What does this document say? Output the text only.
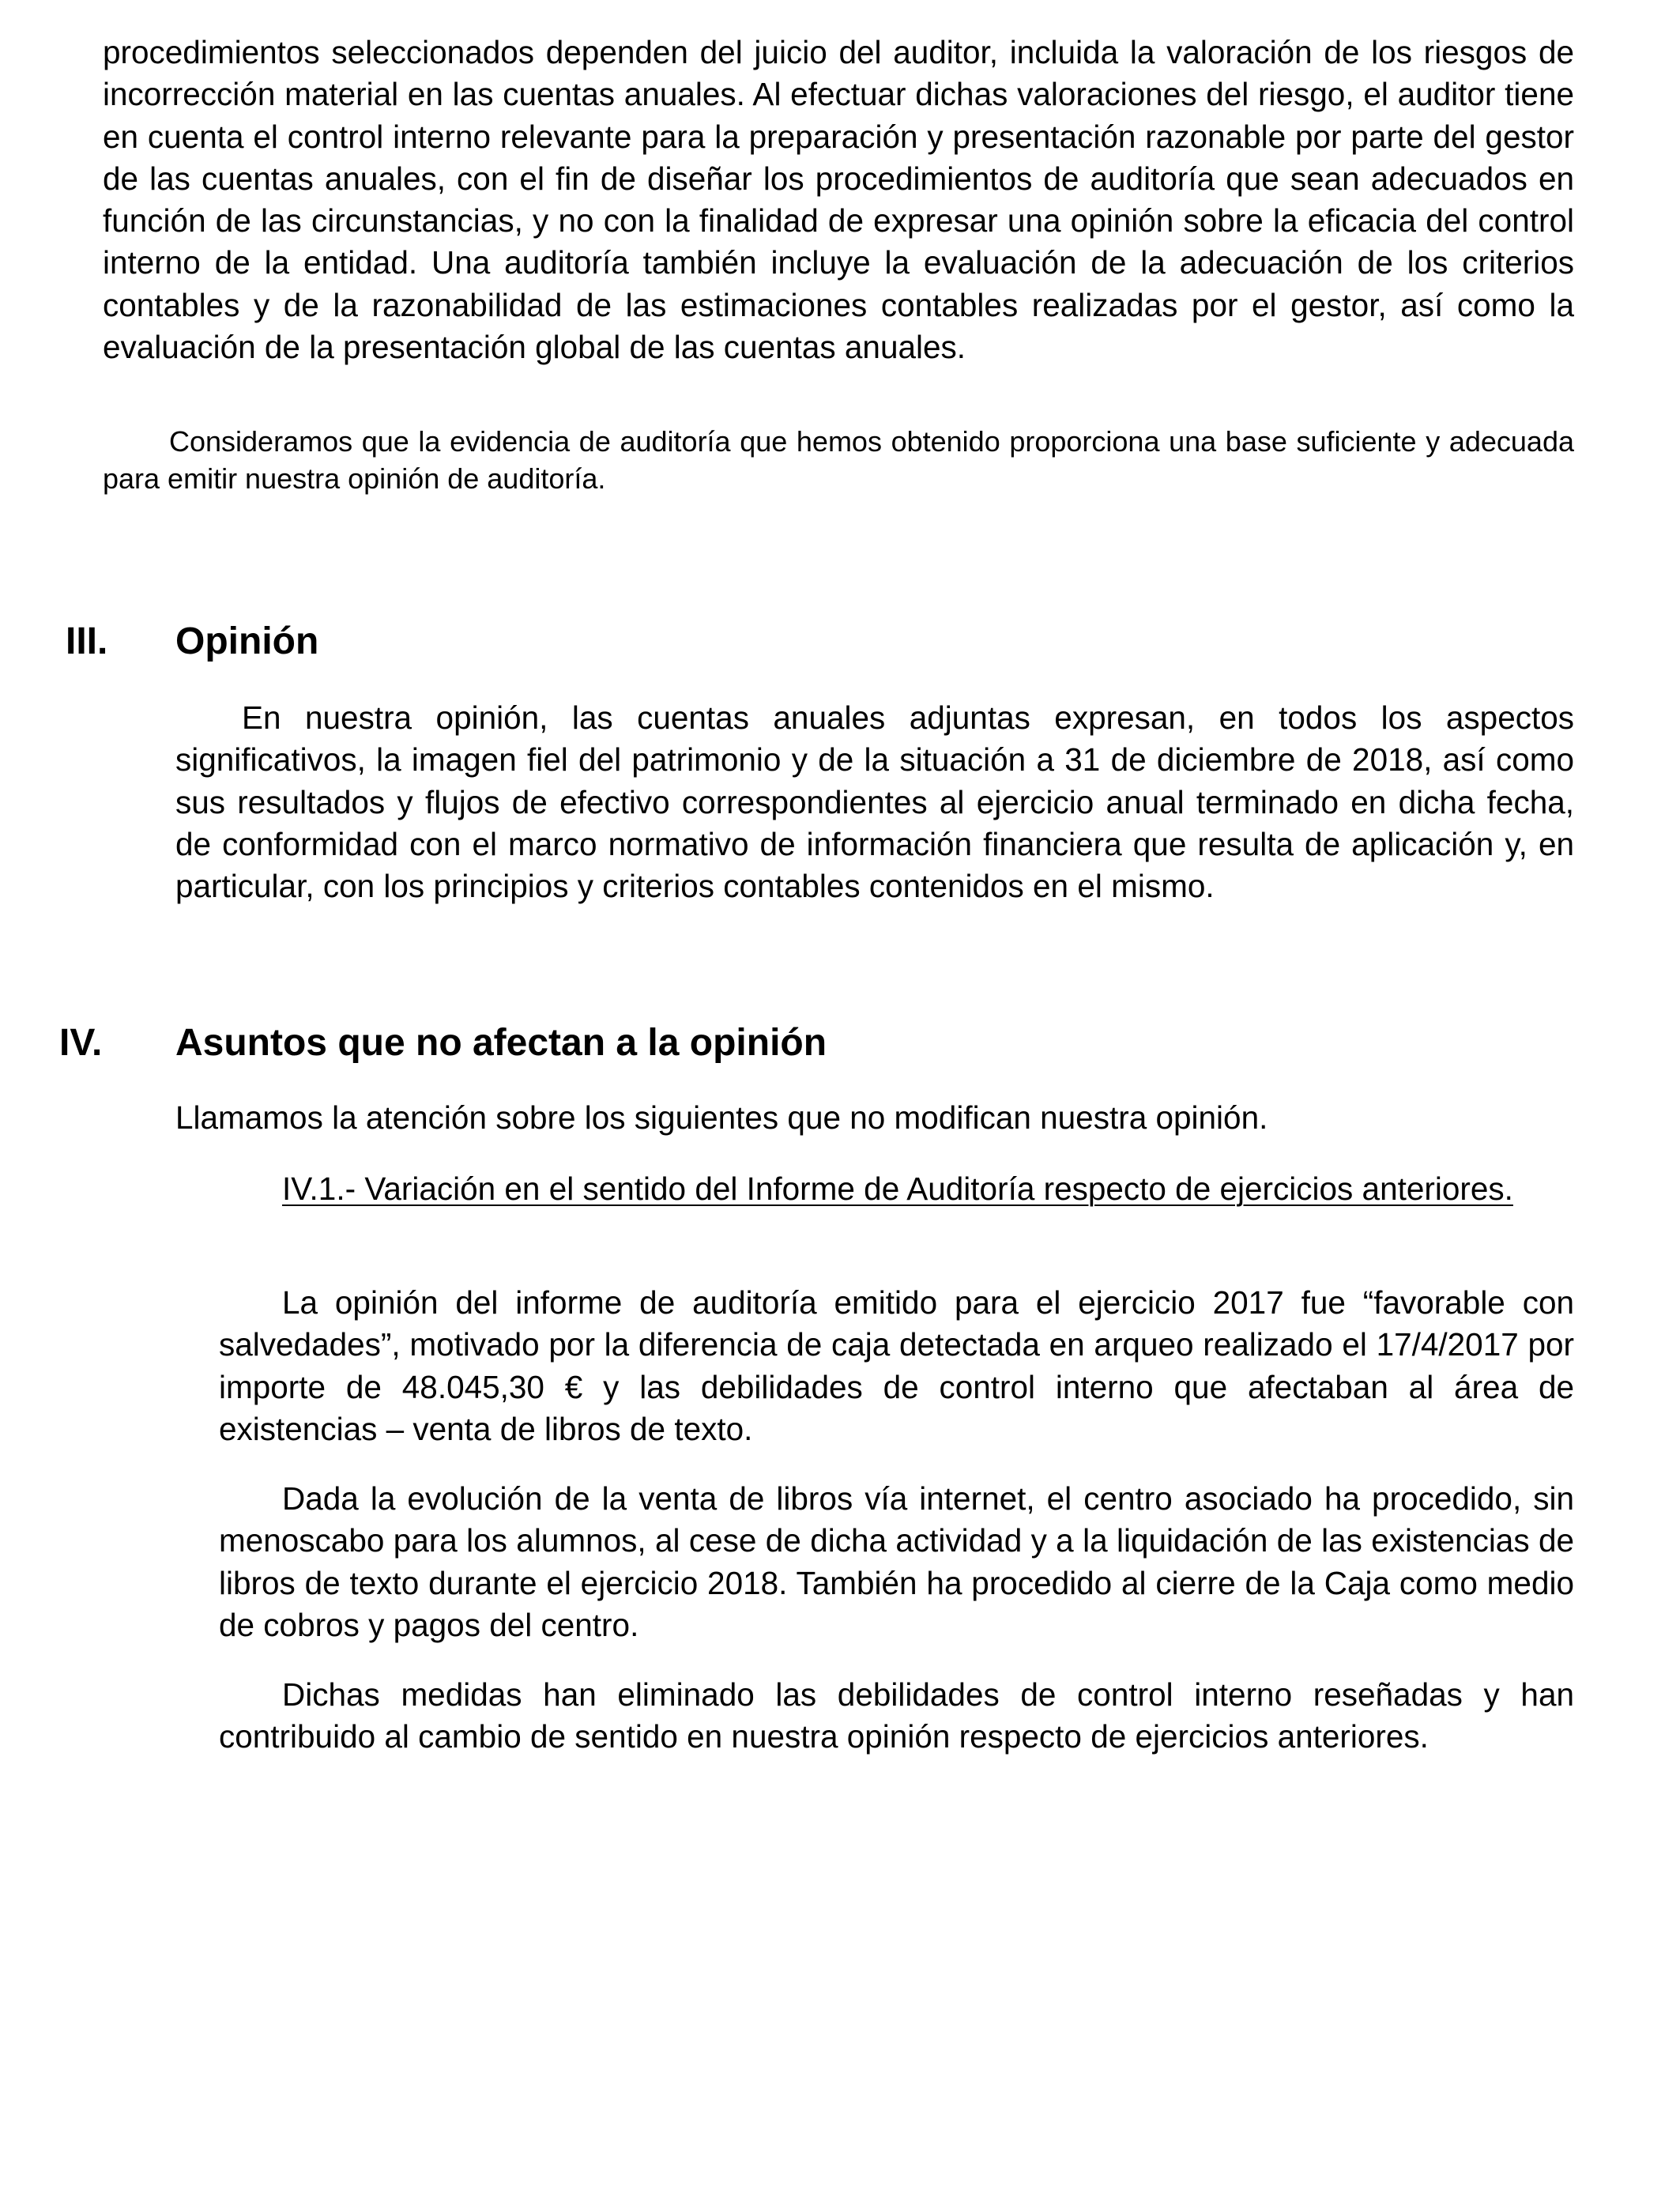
procedimientos seleccionados dependen del juicio del auditor, incluida la valoración de los riesgos de incorrección material en las cuentas anuales. Al efectuar dichas valoraciones del riesgo, el auditor tiene en cuenta el control interno relevante para la preparación y presentación razonable por parte del gestor de las cuentas anuales, con el fin de diseñar los procedimientos de auditoría que sean adecuados en función de las circunstancias, y no con la finalidad de expresar una opinión sobre la eficacia del control interno de la entidad. Una auditoría también incluye la evaluación de la adecuación de los criterios contables y de la razonabilidad de las estimaciones contables realizadas por el gestor, así como la evaluación de la presentación global de las cuentas anuales.

Consideramos que la evidencia de auditoría que hemos obtenido proporciona una base suficiente y adecuada para emitir nuestra opinión de auditoría.

III. Opinión

En nuestra opinión, las cuentas anuales adjuntas expresan, en todos los aspectos significativos, la imagen fiel del patrimonio y de la situación a 31 de diciembre de 2018, así como sus resultados y flujos de efectivo correspondientes al ejercicio anual terminado en dicha fecha, de conformidad con el marco normativo de información financiera que resulta de aplicación y, en particular, con los principios y criterios contables contenidos en el mismo.

IV. Asuntos que no afectan a la opinión

Llamamos la atención sobre los siguientes que no modifican nuestra opinión.

IV.1.- Variación en el sentido del Informe de Auditoría respecto de ejercicios anteriores.

La opinión del informe de auditoría emitido para el ejercicio 2017 fue “favorable con salvedades”, motivado por la diferencia de caja detectada en arqueo realizado el 17/4/2017 por importe de 48.045,30 € y las debilidades de control interno que afectaban al área de existencias – venta de libros de texto.

Dada la evolución de la venta de libros vía internet, el centro asociado ha procedido, sin menoscabo para los alumnos, al cese de dicha actividad y a la liquidación de las existencias de libros de texto durante el ejercicio 2018. También ha procedido al cierre de la Caja como medio de cobros y pagos del centro.

Dichas medidas han eliminado las debilidades de control interno reseñadas y han contribuido al cambio de sentido en nuestra opinión respecto de ejercicios anteriores.
